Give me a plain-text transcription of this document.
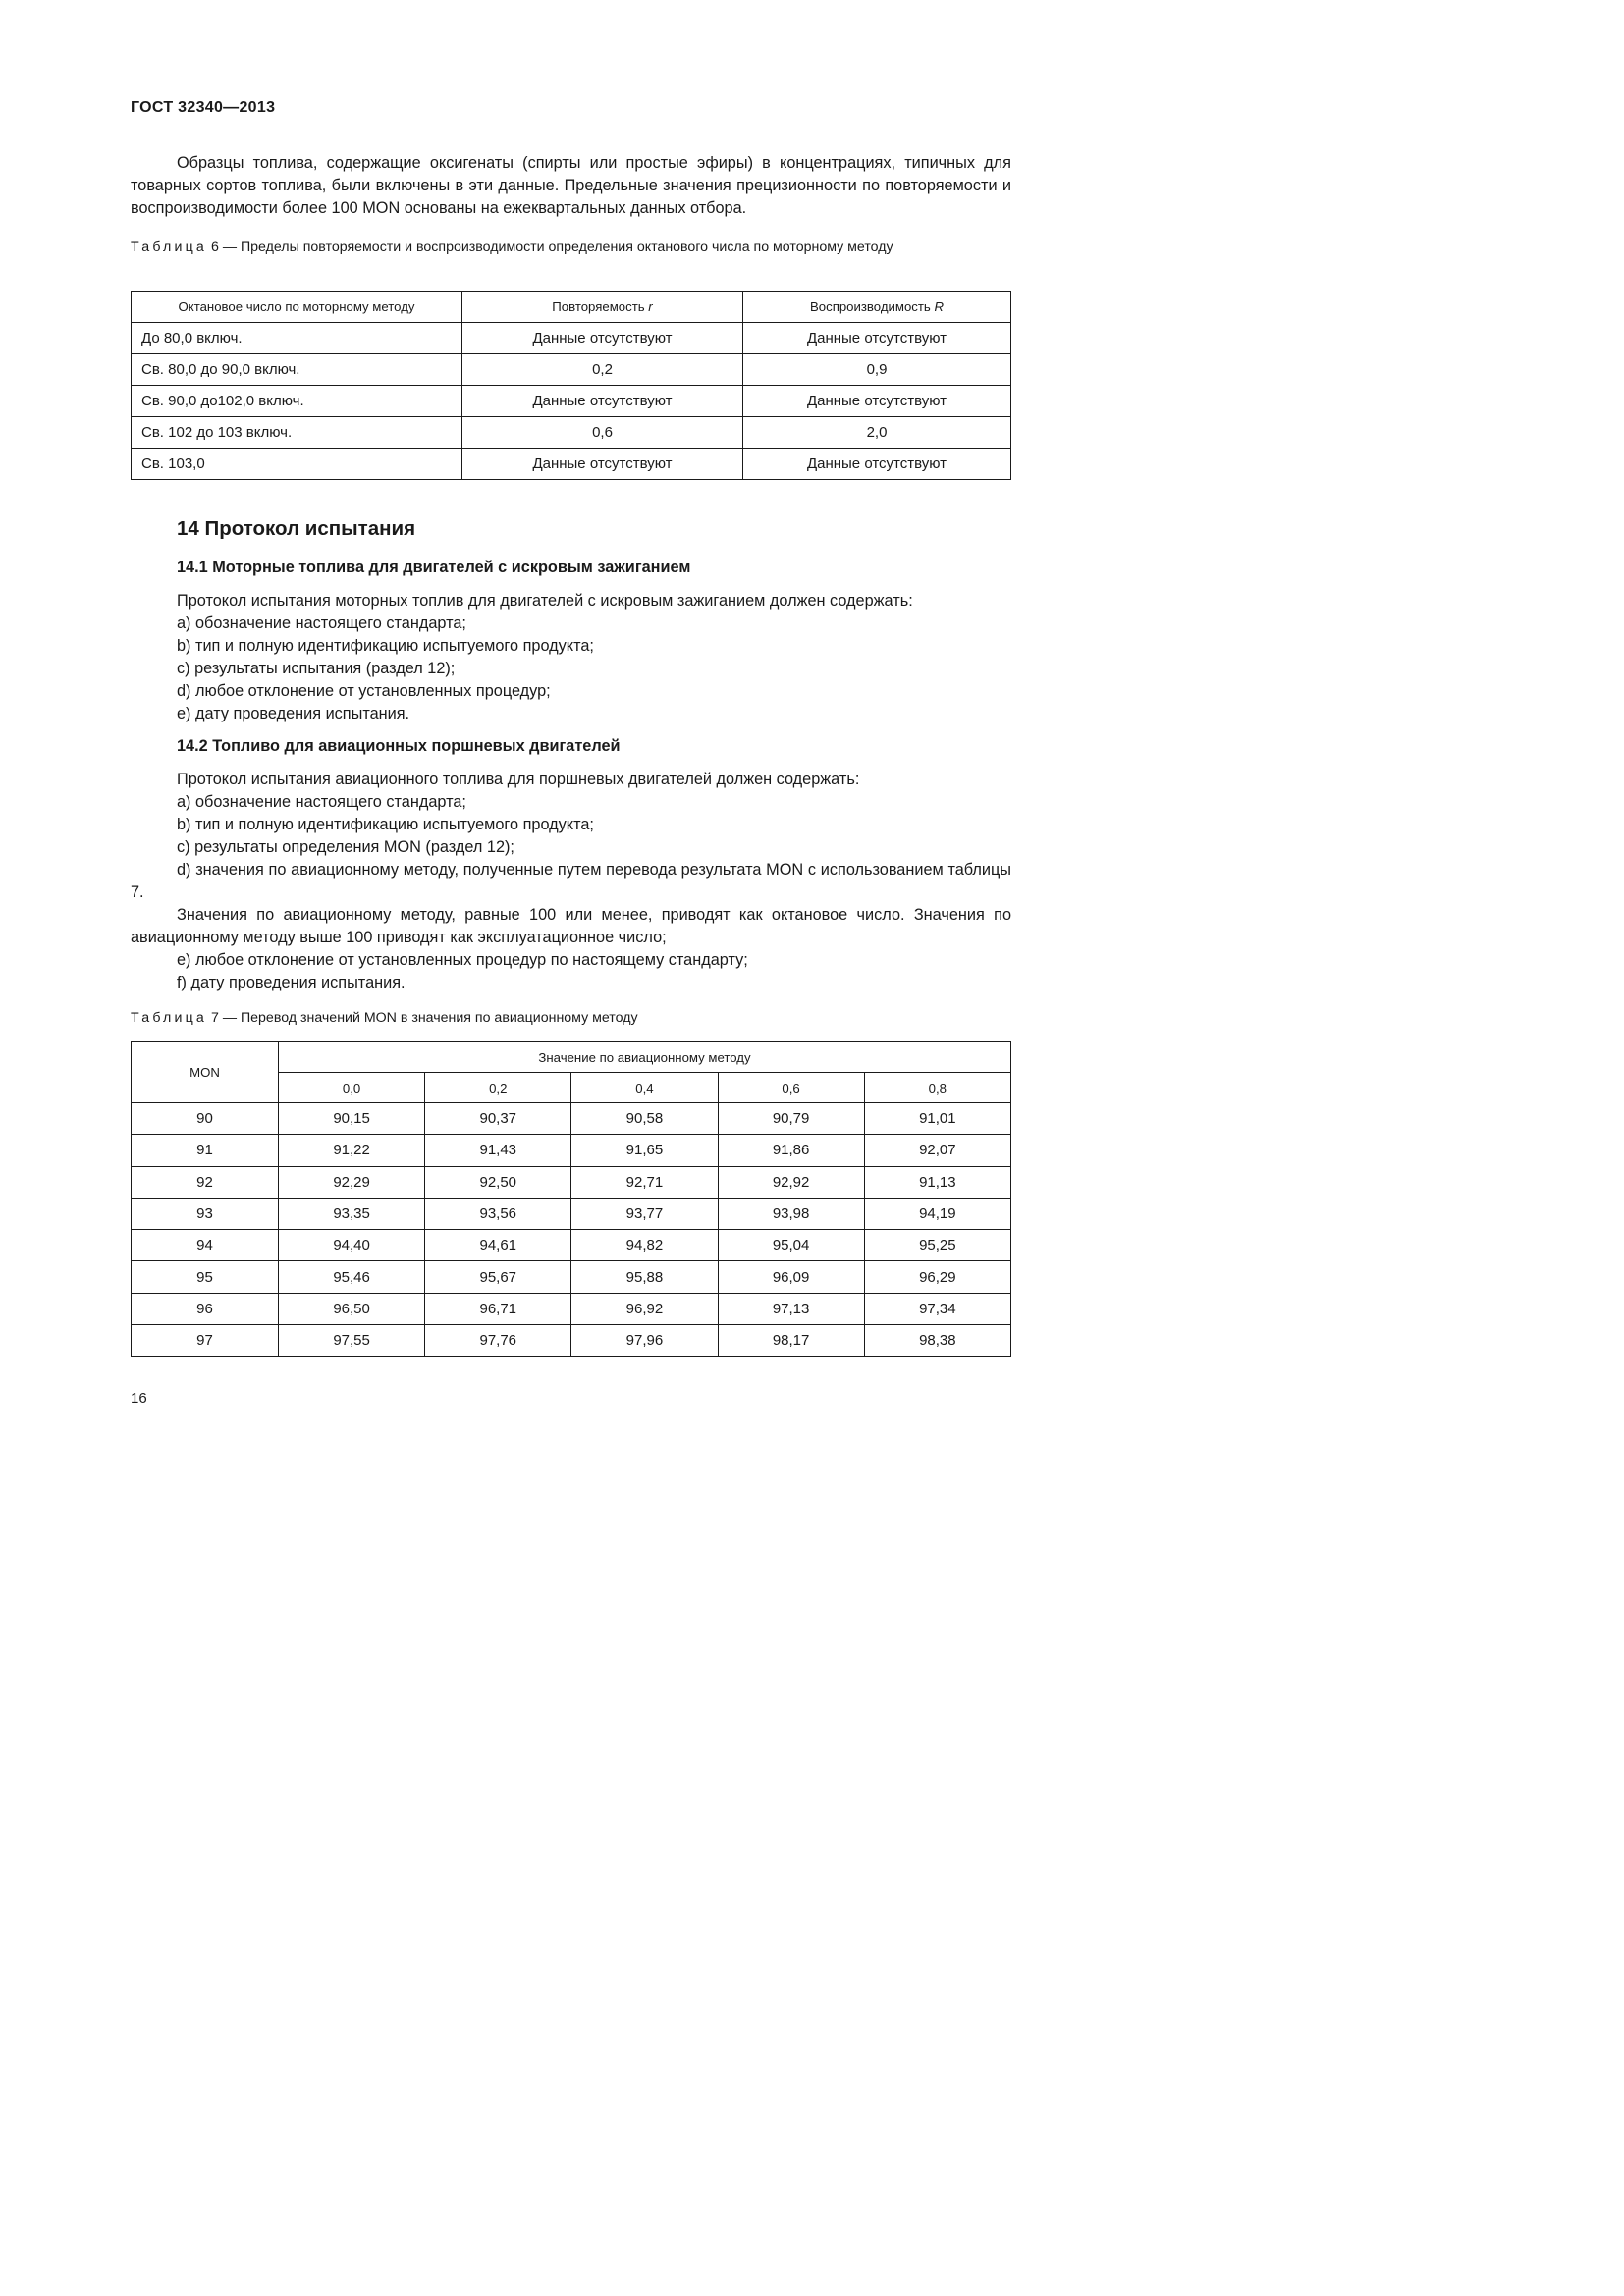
ГОСТ 32340—2013

Образцы топлива, содержащие оксигенаты (спирты или простые эфиры) в концентрациях, типичных для товарных сортов топлива, были включены в эти данные. Предельные значения прецизионности по повторяемости и воспроизводимости более 100 MON основаны на ежеквартальных данных отбора.

Таблица 6 — Пределы повторяемости и воспроизводимости определения октанового числа по моторному методу
Октановое число по моторному методу	Повторяемость r	Воспроизводимость R
До 80,0 включ.	Данные отсутствуют	Данные отсутствуют
Св. 80,0 до 90,0 включ.	0,2	0,9
Св. 90,0 до102,0 включ.	Данные отсутствуют	Данные отсутствуют
Св. 102 до 103 включ.	0,6	2,0
Св. 103,0	Данные отсутствуют	Данные отсутствуют
14 Протокол испытания
14.1 Моторные топлива для двигателей с искровым зажиганием
Протокол испытания моторных топлив для двигателей с искровым зажиганием должен содержать:
a) обозначение настоящего стандарта;
b) тип и полную идентификацию испытуемого продукта;
c) результаты испытания (раздел 12);
d) любое отклонение от установленных процедур;
e) дату проведения испытания.
14.2 Топливо для авиационных поршневых двигателей
Протокол испытания авиационного топлива для поршневых двигателей должен содержать:
a) обозначение настоящего стандарта;
b) тип и полную идентификацию испытуемого продукта;
c) результаты определения MON (раздел 12);

d) значения по авиационному методу, полученные путем перевода результата MON с использованием таблицы 7.

Значения по авиационному методу, равные 100 или менее, приводят как октановое число. Значения по авиационному методу выше 100 приводят как эксплуатационное число;

e) любое отклонение от установленных процедур по настоящему стандарту;
f) дату проведения испытания.
Таблица 7 — Перевод значений MON в значения по авиационному методу
MON	Значение по авиационному методу				
	0,0	0,2	0,4	0,6	0,8
90	90,15	90,37	90,58	90,79	91,01
91	91,22	91,43	91,65	91,86	92,07
92	92,29	92,50	92,71	92,92	91,13
93	93,35	93,56	93,77	93,98	94,19
94	94,40	94,61	94,82	95,04	95,25
95	95,46	95,67	95,88	96,09	96,29
96	96,50	96,71	96,92	97,13	97,34
97	97,55	97,76	97,96	98,17	98,38
16
